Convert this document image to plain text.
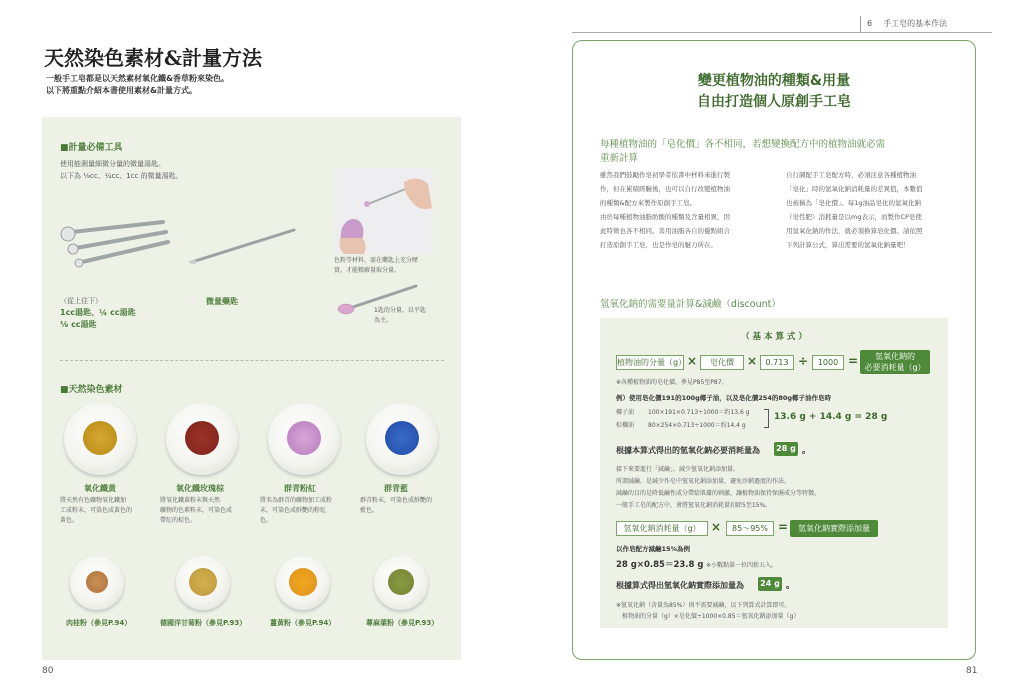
6 手工皂的基本作法
天然染色素材&計量方法
一般手工皂都是以天然素材氧化鐵&香草粉來染色。
以下將重點介紹本書使用素材&計量方式。
■計量必備工具
使用能測量細微分量的微量湯匙。
以下為 ⅛cc、¼cc、1cc 的微量湯匙。
（從上往下）
1cc湯匙、¼ cc湯匙
⅛ cc湯匙
微量藥匙
色粉等材料，需在藥匙上充分壓
實，才能精確量取分量。
1匙的分量，以平匙
為主。
■天然染色素材
氧化鐵黃
將天然有色礦物氧化鐵加
工成粉末，可染色成黃色的
黃色。
氧化鐵玫瑰棕
將氧化鐵黃粉末與天然
礦物的色素粉末，可染色成
帶紅的棕色。
群青粉紅
將名為群青的礦物加工成粉
末，可染色成鮮艷的粉紅
色。
群青藍
群青粉末，可染色成鮮艷的
藍色。
肉桂粉（參見P.94）	德國洋甘菊粉（參見P.93）	薑黃粉（參見P.94）	蕁麻葉粉（參見P.93）
80
變更植物油的種類&用量
自由打造個人原創手工皂
每種植物油的「皂化價」各不相同，若想變換配方中的植物油就必需
重新計算
雖然我們鼓勵作皂初學者依書中材料來進行製
作，但在累積經驗後，也可以自行改變植物油
的種類&配方來製作原創手工皂。
由於每種植物油脂肪酸的種類及含量相異，因
此特徵也各不相同。善用油脂各自的優點組合
打造原創手工皂，也是作皂的魅力所在。
自行調配手工皂配方時，必須注意各種植物油
「皂化」時的氫氧化鈉消耗量的差異值，本數值
也被稱為「皂化價」。每1g油品皂化的氫氧化鈉
（皂性肥）消耗量是以mg表示，而製作CP皂使
用氫氧化鈉的作法，就必須換算皂化價。請依照
下列計算公式，算出需要的氫氧化鈉量吧！
氫氧化鈉的需要量計算&減鹼（discount）
（ 基 本 算 式 ）
植物油的分量（g） ×	皂化價	×	0.713 ÷	1000 =	氫氧化鈉的
必要消耗量（g）
※各種植物油的皂化價，參見P85至P87。
例）使用皂化價191的100g椰子油，以及皂化價254的80g椰子油作皂時
椰子油 100×191×0.713÷1000＝約13.6 g
棕櫚油 80×254×0.713÷1000＝約14.4 g
13.6 g + 14.4 g = 28 g
根據本算式得出的氫氧化鈉必要消耗量為 28 g 。
接下來要進行「減鹼」，減少氫氧化鈉添加量。
所謂減鹼，是減少作皂中氫氧化鈉添加量，避免沙鈉過度的作法。
減鹼的目的是降低鹼性成分帶給肌膚的刺激，讓植物油保持保濕成分等特徵。
一般手工皂的配方中，會將氫氧化鈉消耗量扣除5至15%。
氫氧化鈉消耗量（g） ×	85〜95% =	氫氧化鈉實際添加量
以作皂配方減鹼15%為例
28 g×0.85＝23.8 g ※小數點第一位四捨五入。
根據算式得出氫氧化鈉實際添加量為 24 g 。
※氫氧化鈉（含量為85%）則不需要減鹼，以下列算式計算即可。
植物油的分量（g）×皂化價÷1000×0.85＝氫氧化鈉添加量（g）
81
